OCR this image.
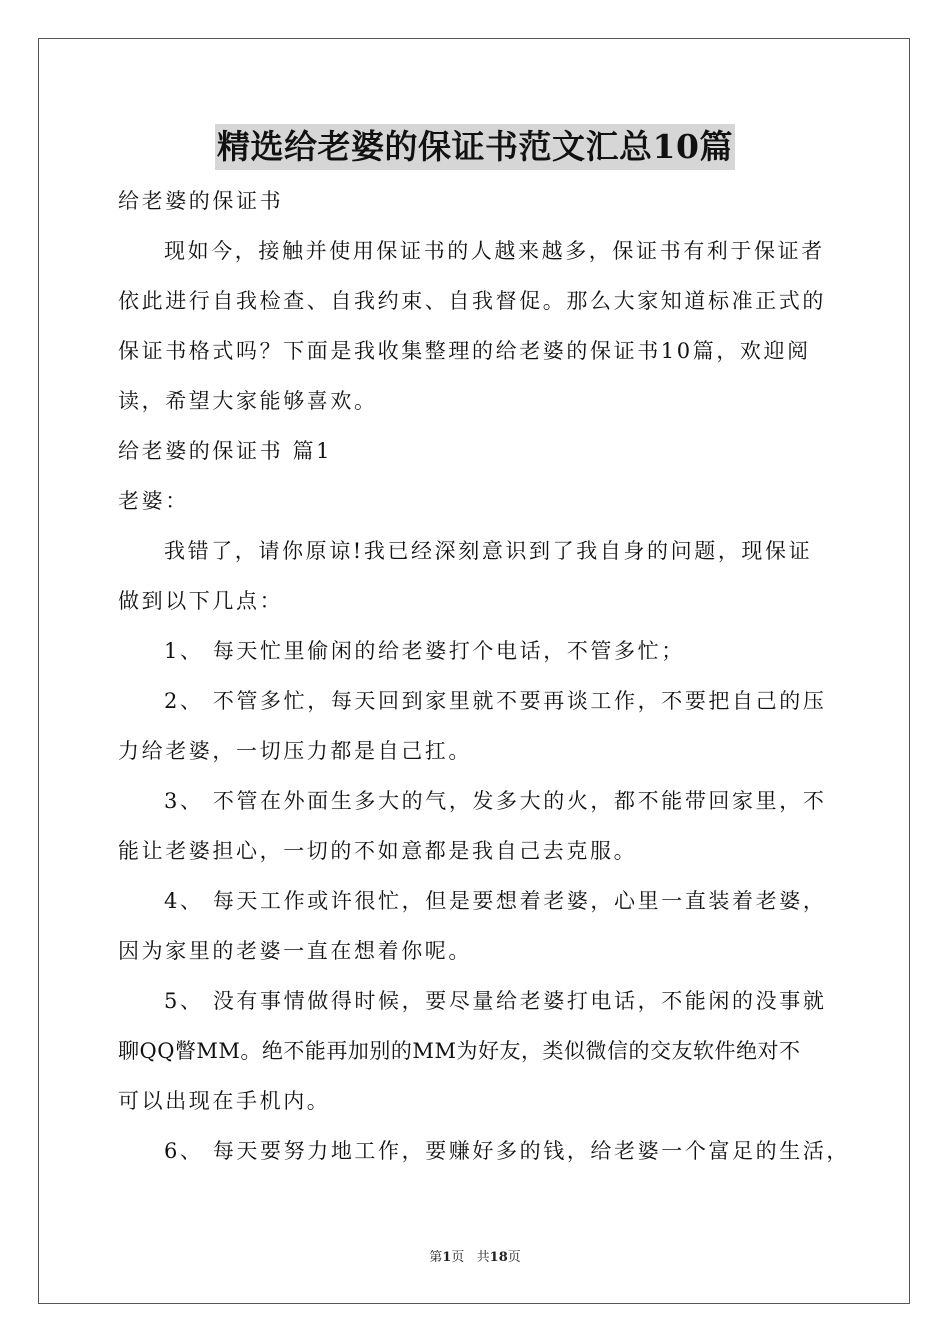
精选给老婆的保证书范文汇总10篇
给老婆的保证书
现如今，接触并使用保证书的人越来越多，保证书有利于保证者
依此进行自我检查、自我约束、自我督促。那么大家知道标准正式的
保证书格式吗？下面是我收集整理的给老婆的保证书10篇，欢迎阅
读，希望大家能够喜欢。
给老婆的保证书 篇1
老婆：
我错了，请你原谅!我已经深刻意识到了我自身的问题，现保证
做到以下几点：
1、 每天忙里偷闲的给老婆打个电话，不管多忙；
2、 不管多忙，每天回到家里就不要再谈工作，不要把自己的压
力给老婆，一切压力都是自己扛。
3、 不管在外面生多大的气，发多大的火，都不能带回家里，不
能让老婆担心，一切的不如意都是我自己去克服。
4、 每天工作或许很忙，但是要想着老婆，心里一直装着老婆，
因为家里的老婆一直在想着你呢。
5、 没有事情做得时候，要尽量给老婆打电话，不能闲的没事就
聊QQ瞥MM。绝不能再加别的MM为好友，类似微信的交友软件绝对不
可以出现在手机内。
6、 每天要努力地工作，要赚好多的钱，给老婆一个富足的生活，
第1页   共18页
